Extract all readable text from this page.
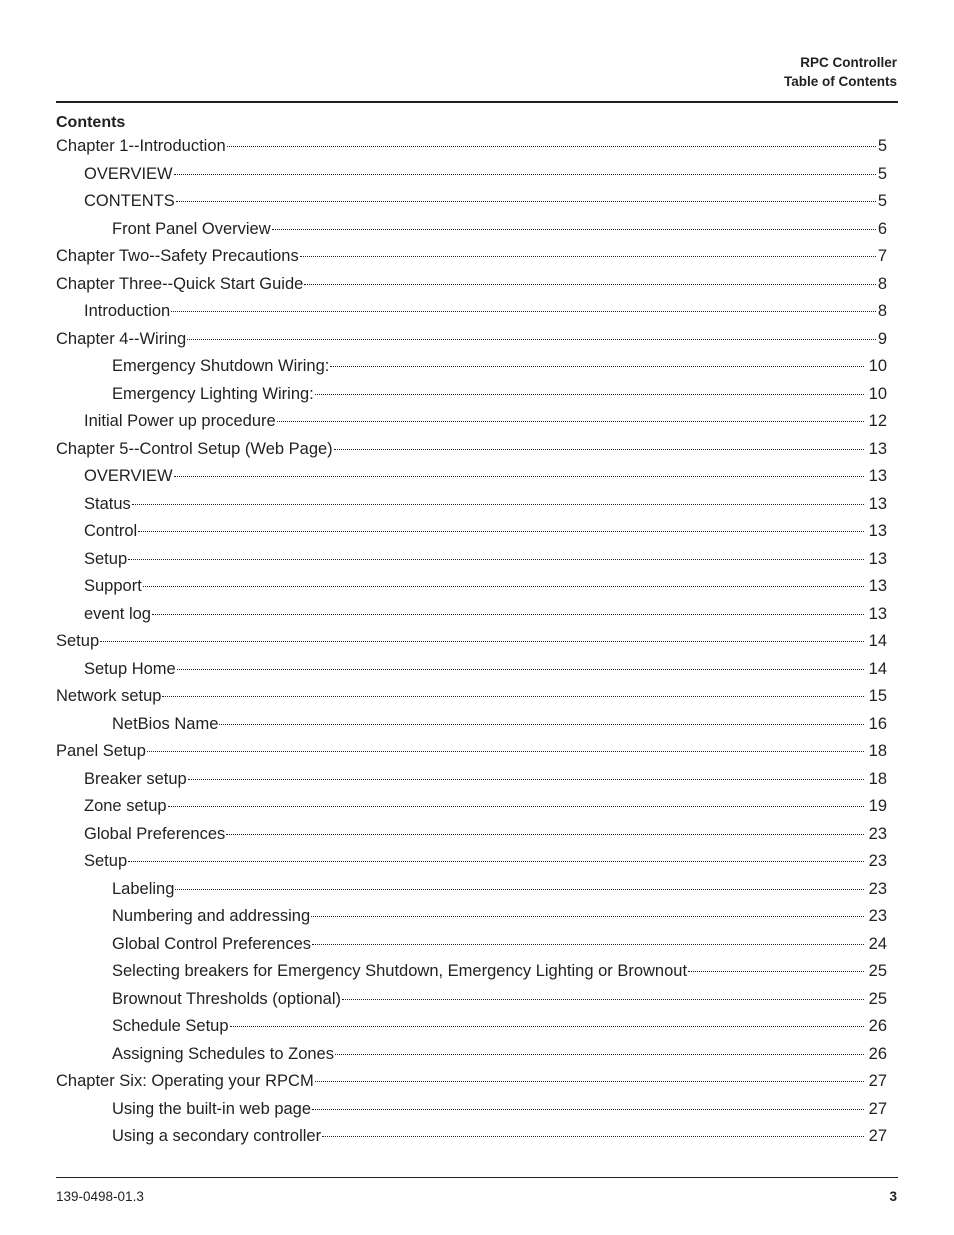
RPC Controller
Table of Contents
Contents
Chapter 1--Introduction	5
OVERVIEW	5
CONTENTS	5
Front Panel Overview	6
Chapter Two--Safety Precautions	7
Chapter Three--Quick Start Guide	8
Introduction	8
Chapter 4--Wiring	9
Emergency Shutdown Wiring:	10
Emergency Lighting Wiring:	10
Initial Power up procedure	12
Chapter 5--Control Setup (Web Page)	13
OVERVIEW	13
Status	13
Control	13
Setup	13
Support	13
event log	13
Setup	14
Setup Home	14
Network setup	15
NetBios Name	16
Panel Setup	18
Breaker setup	18
Zone setup	19
Global Preferences	23
Setup	23
Labeling	23
Numbering and addressing	23
Global Control Preferences	24
Selecting breakers for Emergency Shutdown, Emergency Lighting or Brownout	25
Brownout Thresholds (optional)	25
Schedule Setup	26
Assigning Schedules to Zones	26
Chapter Six: Operating your RPCM	27
Using the built-in web page	27
Using a secondary controller	27
139-0498-01.3	3
